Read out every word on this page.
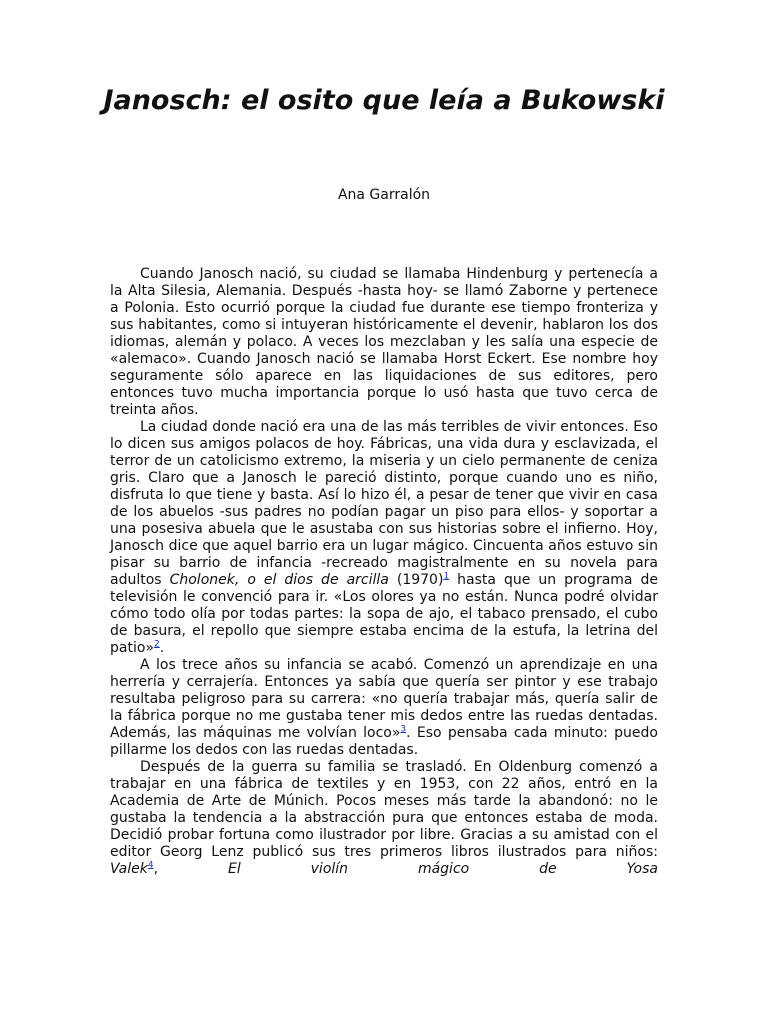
Janosch: el osito que leía a Bukowski
Ana Garralón

Cuando Janosch nació, su ciudad se llamaba Hindenburg y pertenecía a la Alta Silesia, Alemania. Después -hasta hoy- se llamó Zaborne y pertenece a Polonia. Esto ocurrió porque la ciudad fue durante ese tiempo fronteriza y sus habitantes, como si intuyeran históricamente el devenir, hablaron los dos idiomas, alemán y polaco. A veces los mezclaban y les salía una especie de «alemaco». Cuando Janosch nació se llamaba Horst Eckert. Ese nombre hoy seguramente sólo aparece en las liquidaciones de sus editores, pero entonces tuvo mucha importancia porque lo usó hasta que tuvo cerca de treinta años.

La ciudad donde nació era una de las más terribles de vivir entonces. Eso lo dicen sus amigos polacos de hoy. Fábricas, una vida dura y esclavizada, el terror de un catolicismo extremo, la miseria y un cielo permanente de ceniza gris. Claro que a Janosch le pareció distinto, porque cuando uno es niño, disfruta lo que tiene y basta. Así lo hizo él, a pesar de tener que vivir en casa de los abuelos -sus padres no podían pagar un piso para ellos- y soportar a una posesiva abuela que le asustaba con sus historias sobre el infierno. Hoy, Janosch dice que aquel barrio era un lugar mágico. Cincuenta años estuvo sin pisar su barrio de infancia -recreado magistralmente en su novela para adultos Cholonek, o el dios de arcilla (1970)$^1$ hasta que un programa de televisión le convenció para ir. «Los olores ya no están. Nunca podré olvidar cómo todo olía por todas partes: la sopa de ajo, el tabaco prensado, el cubo de basura, el repollo que siempre estaba encima de la estufa, la letrina del patio»$^2$.

A los trece años su infancia se acabó. Comenzó un aprendizaje en una herrería y cerrajería. Entonces ya sabía que quería ser pintor y ese trabajo resultaba peligroso para su carrera: «no quería trabajar más, quería salir de la fábrica porque no me gustaba tener mis dedos entre las ruedas dentadas. Además, las máquinas me volvían loco»$^3$. Eso pensaba cada minuto: puedo pillarme los dedos con las ruedas dentadas.

Después de la guerra su familia se trasladó. En Oldenburg comenzó a trabajar en una fábrica de textiles y en 1953, con 22 años, entró en la Academia de Arte de Múnich. Pocos meses más tarde la abandonó: no le gustaba la tendencia a la abstracción pura que entonces estaba de moda. Decidió probar fortuna como ilustrador por libre. Gracias a su amistad con el editor Georg Lenz publicó sus tres primeros libros ilustrados para niños: Valek$^4$, El violín mágico de Yosa
